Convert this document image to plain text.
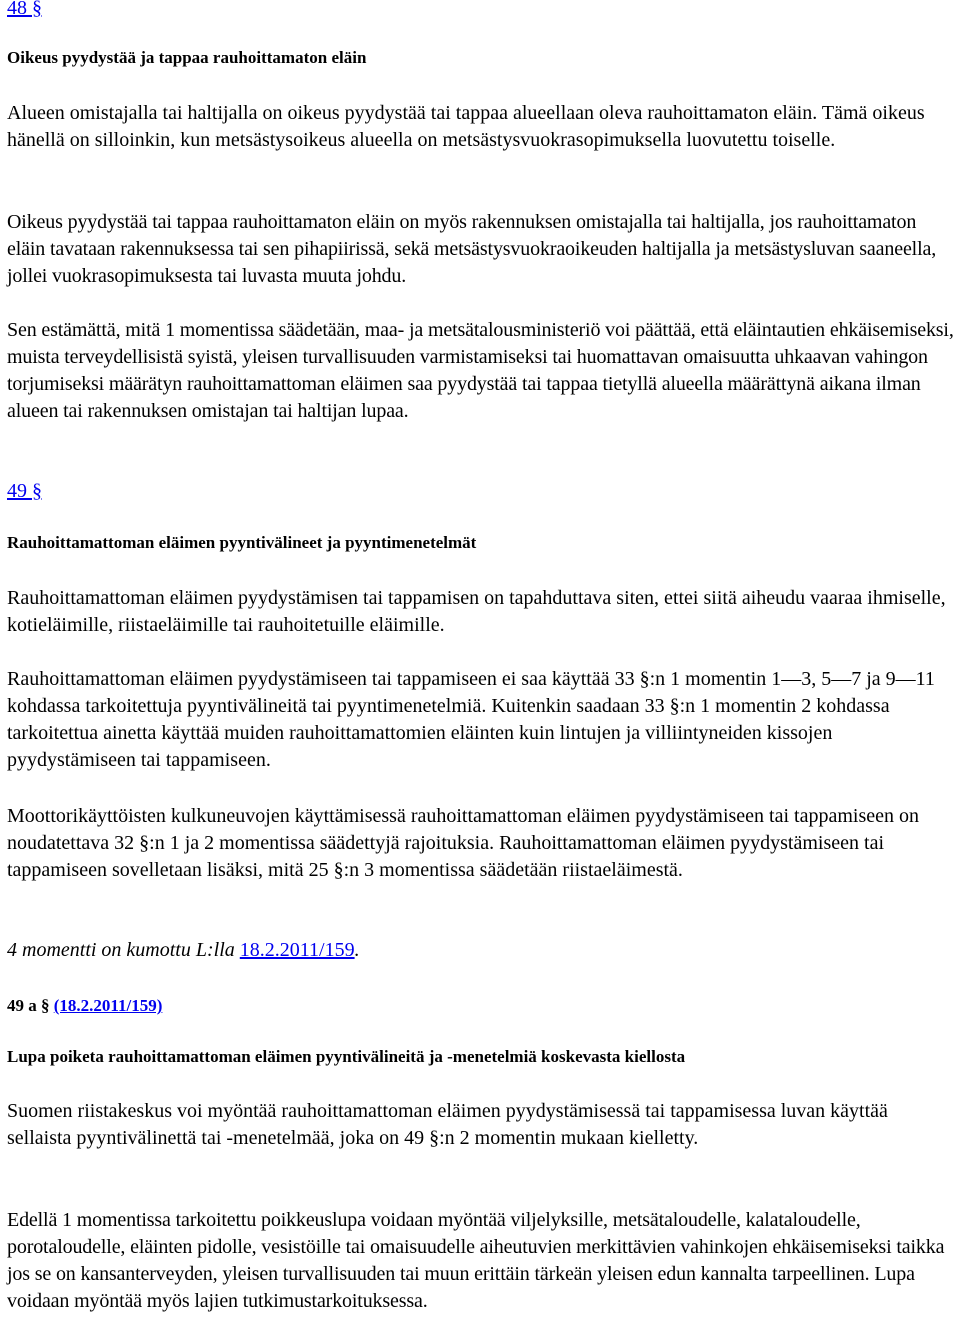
48 §
Oikeus pyydystää ja tappaa rauhoittamaton eläin

Alueen omistajalla tai haltijalla on oikeus pyydystää tai tappaa alueellaan oleva rauhoittamaton eläin. Tämä oikeus hänellä on silloinkin, kun metsästysoikeus alueella on metsästysvuokrasopimuksella luovutettu toiselle.

Oikeus pyydystää tai tappaa rauhoittamaton eläin on myös rakennuksen omistajalla tai haltijalla, jos rauhoittamaton eläin tavataan rakennuksessa tai sen pihapiirissä, sekä metsästysvuokraoikeuden haltijalla ja metsästysluvan saaneella, jollei vuokrasopimuksesta tai luvasta muuta johdu.

Sen estämättä, mitä 1 momentissa säädetään, maa- ja metsätalousministeriö voi päättää, että eläintautien ehkäisemiseksi, muista terveydellisistä syistä, yleisen turvallisuuden varmistamiseksi tai huomattavan omaisuutta uhkaavan vahingon torjumiseksi määrätyn rauhoittamattoman eläimen saa pyydystää tai tappaa tietyllä alueella määrättynä aikana ilman alueen tai rakennuksen omistajan tai haltijan lupaa.

49 §
Rauhoittamattoman eläimen pyyntivälineet ja pyyntimenetelmät

Rauhoittamattoman eläimen pyydystämisen tai tappamisen on tapahduttava siten, ettei siitä aiheudu vaaraa ihmiselle, kotieläimille, riistaeläimille tai rauhoitetuille eläimille.

Rauhoittamattoman eläimen pyydystämiseen tai tappamiseen ei saa käyttää 33 §:n 1 momentin 1—3, 5—7 ja 9—11 kohdassa tarkoitettuja pyyntivälineitä tai pyyntimenetelmiä. Kuitenkin saadaan 33 §:n 1 momentin 2 kohdassa tarkoitettua ainetta käyttää muiden rauhoittamattomien eläinten kuin lintujen ja villiintyneiden kissojen pyydystämiseen tai tappamiseen.

Moottorikäyttöisten kulkuneuvojen käyttämisessä rauhoittamattoman eläimen pyydystämiseen tai tappamiseen on noudatettava 32 §:n 1 ja 2 momentissa säädettyjä rajoituksia. Rauhoittamattoman eläimen pyydystämiseen tai tappamiseen sovelletaan lisäksi, mitä 25 §:n 3 momentissa säädetään riistaeläimestä.

4 momentti on kumottu L:lla 18.2.2011/159.
49 a § (18.2.2011/159)
Lupa poiketa rauhoittamattoman eläimen pyyntivälineitä ja -menetelmiä koskevasta kiellosta

Suomen riistakeskus voi myöntää rauhoittamattoman eläimen pyydystämisessä tai tappamisessa luvan käyttää sellaista pyyntivälinettä tai -menetelmää, joka on 49 §:n 2 momentin mukaan kielletty.

Edellä 1 momentissa tarkoitettu poikkeuslupa voidaan myöntää viljelyksille, metsätaloudelle, kalataloudelle, porotaloudelle, eläinten pidolle, vesistöille tai omaisuudelle aiheutuvien merkittävien vahinkojen ehkäisemiseksi taikka jos se on kansanterveyden, yleisen turvallisuuden tai muun erittäin tärkeän yleisen edun kannalta tarpeellinen. Lupa voidaan myöntää myös lajien tutkimustarkoituksessa.
